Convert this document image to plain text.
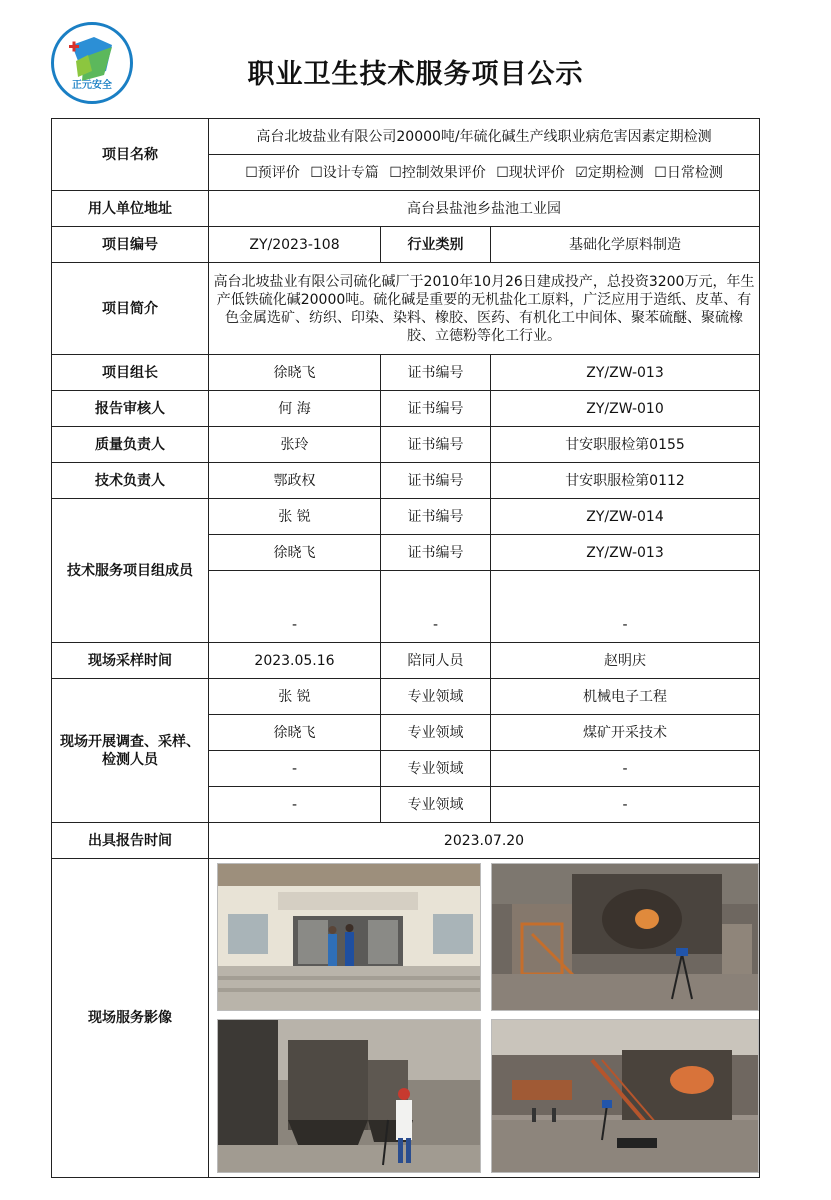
正元安全	职业卫生技术服务项目公示
项目名称	高台北坡盐业有限公司20000吨/年硫化碱生产线职业病危害因素定期检测		
	☐预评价 ☐设计专篇 ☐控制效果评价 ☐现状评价 ☑定期检测 ☐日常检测		
用人单位地址	高台县盐池乡盐池工业园		
项目编号	ZY/2023-108	行业类别	基础化学原料制造
项目简介	高台北坡盐业有限公司硫化碱厂于2010年10月26日建成投产，总投资3200万元，年生产低铁硫化碱20000吨。硫化碱是重要的无机盐化工原料，广泛应用于造纸、皮革、有色金属选矿、纺织、印染、染料、橡胶、医药、有机化工中间体、聚苯硫醚、聚硫橡胶、立德粉等化工行业。		
项目组长	徐晓飞	证书编号	ZY/ZW-013
报告审核人	何 海	证书编号	ZY/ZW-010
质量负责人	张玲	证书编号	甘安职服检第0155
技术负责人	鄂政权	证书编号	甘安职服检第0112
技术服务项目组成员	张 锐	证书编号	ZY/ZW-014
	徐晓飞	证书编号	ZY/ZW-013
	-	-	-
现场采样时间	2023.05.16	陪同人员	赵明庆
现场开展调查、采样、检测人员	张 锐	专业领域	机械电子工程
	徐晓飞	专业领域	煤矿开采技术
	-	专业领域	-
	-	专业领域	-
出具报告时间	2023.07.20		
现场服务影像	
